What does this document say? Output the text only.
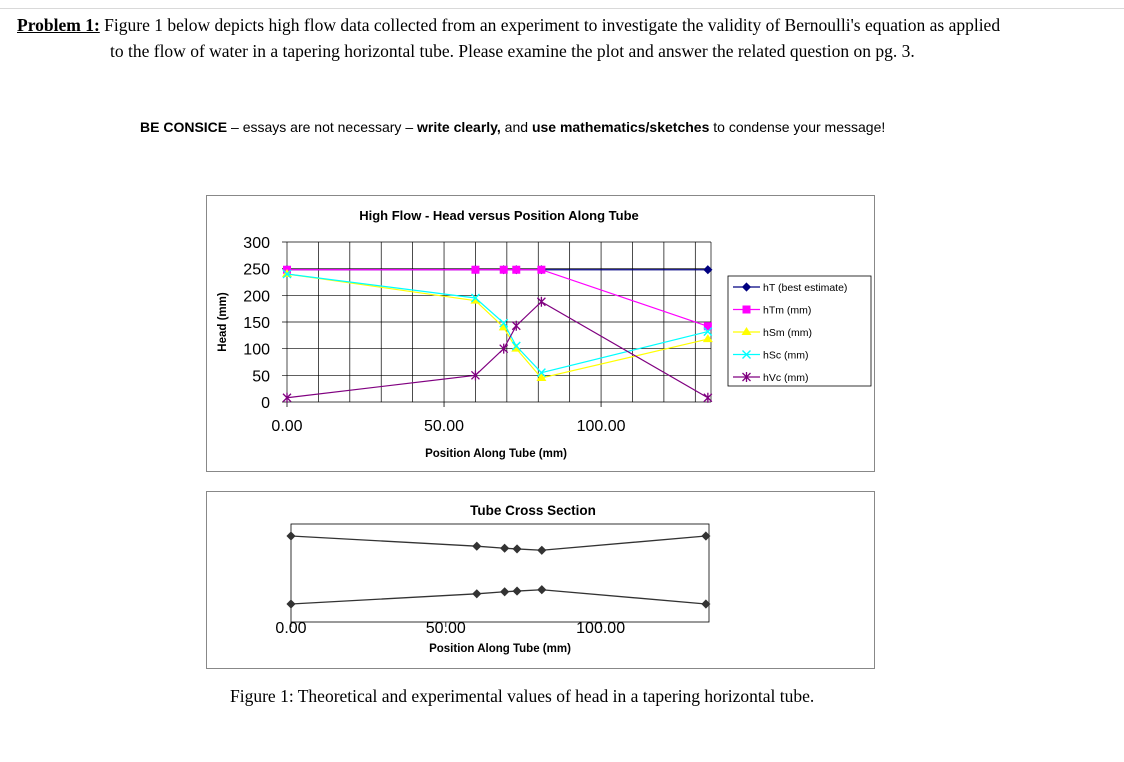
Problem 1: Figure 1 below depicts high flow data collected from an experiment to investigate the validity of Bernoulli's equation as applied
to the flow of water in a tapering horizontal tube. Please examine the plot and answer the related question on pg. 3.
BE CONSICE – essays are not necessary – write clearly, and use mathematics/sketches to condense your message!
High Flow - Head versus Position Along Tube
0
50
100
150
200
250
300
0.00	50.00	100.00
Position Along Tube (mm)
Head (mm)
hT (best estimate)
hTm (mm)
hSm (mm)
hSc (mm)
hVc (mm)
Tube Cross Section
0.00	50.00	100.00
Position Along Tube (mm)
Figure 1: Theoretical and experimental values of head in a tapering horizontal tube.
